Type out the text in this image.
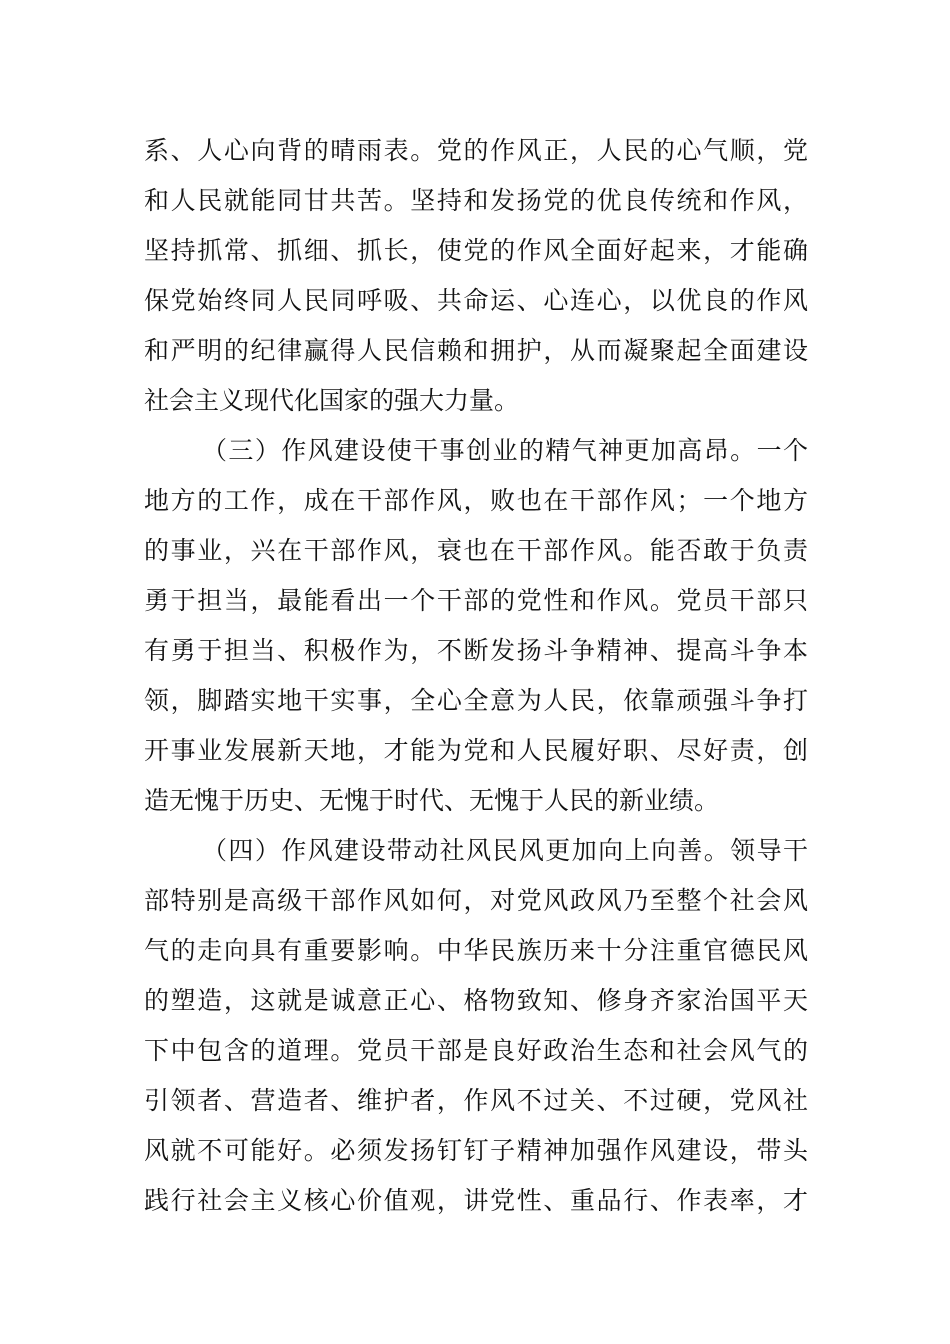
系、人心向背的晴雨表。党的作风正，人民的心气顺，党
和人民就能同甘共苦。坚持和发扬党的优良传统和作风，
坚持抓常、抓细、抓长，使党的作风全面好起来，才能确
保党始终同人民同呼吸、共命运、心连心，以优良的作风
和严明的纪律赢得人民信赖和拥护，从而凝聚起全面建设
社会主义现代化国家的强大力量。
（三）作风建设使干事创业的精气神更加高昂。一个
地方的工作，成在干部作风，败也在干部作风；一个地方
的事业，兴在干部作风，衰也在干部作风。能否敢于负责
勇于担当，最能看出一个干部的党性和作风。党员干部只
有勇于担当、积极作为，不断发扬斗争精神、提高斗争本
领，脚踏实地干实事，全心全意为人民，依靠顽强斗争打
开事业发展新天地，才能为党和人民履好职、尽好责，创
造无愧于历史、无愧于时代、无愧于人民的新业绩。
（四）作风建设带动社风民风更加向上向善。领导干
部特别是高级干部作风如何，对党风政风乃至整个社会风
气的走向具有重要影响。中华民族历来十分注重官德民风
的塑造，这就是诚意正心、格物致知、修身齐家治国平天
下中包含的道理。党员干部是良好政治生态和社会风气的
引领者、营造者、维护者，作风不过关、不过硬，党风社
风就不可能好。必须发扬钉钉子精神加强作风建设，带头
践行社会主义核心价值观，讲党性、重品行、作表率，才
